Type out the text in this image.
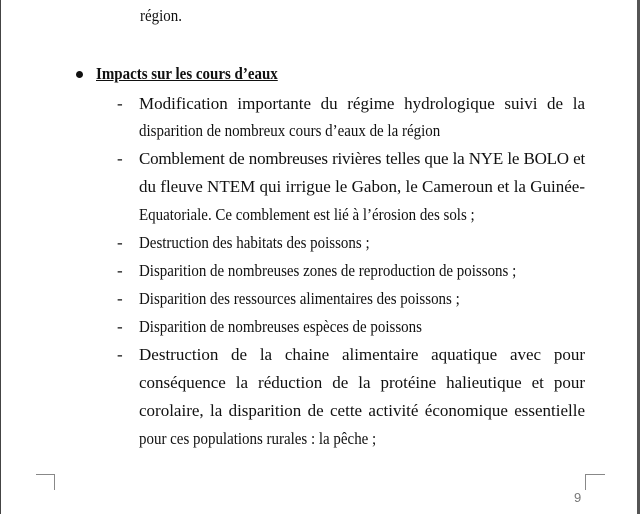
région.
Impacts sur les cours d’eaux
- Modification importante du régime hydrologique suivi de la
disparition de nombreux cours d’eaux de la région
- Comblement de nombreuses rivières telles que la NYE le BOLO et
du fleuve NTEM qui irrigue le Gabon, le Cameroun et la Guinée-
Equatoriale. Ce comblement est lié à l’érosion des sols ;
- Destruction des habitats des poissons ;
- Disparition de nombreuses zones de reproduction de poissons ;
- Disparition des ressources alimentaires des poissons ;
- Disparition de nombreuses espèces de poissons
- Destruction de la chaine alimentaire aquatique avec pour
conséquence la réduction de la protéine halieutique et pour
corolaire, la disparition de cette activité économique essentielle
pour ces populations rurales : la pêche ;
9
